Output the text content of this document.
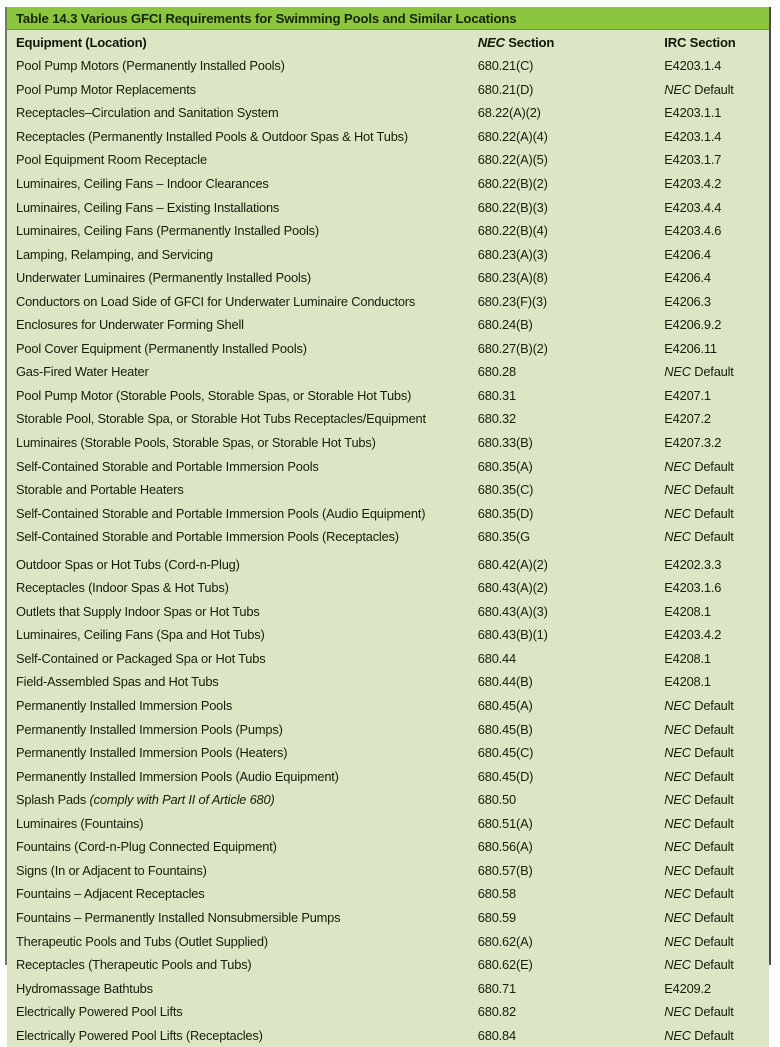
Table 14.3 Various GFCI Requirements for Swimming Pools and Similar Locations
Equipment (Location)	NEC Section	IRC Section
Pool Pump Motors (Permanently Installed Pools)	680.21(C)	E4203.1.4
Pool Pump Motor Replacements	680.21(D)	NEC Default
Receptacles–Circulation and Sanitation System	68.22(A)(2)	E4203.1.1
Receptacles (Permanently Installed Pools & Outdoor Spas & Hot Tubs)	680.22(A)(4)	E4203.1.4
Pool Equipment Room Receptacle	680.22(A)(5)	E4203.1.7
Luminaires, Ceiling Fans – Indoor Clearances	680.22(B)(2)	E4203.4.2
Luminaires, Ceiling Fans – Existing Installations	680.22(B)(3)	E4203.4.4
Luminaires, Ceiling Fans (Permanently Installed Pools)	680.22(B)(4)	E4203.4.6
Lamping, Relamping, and Servicing	680.23(A)(3)	E4206.4
Underwater Luminaires (Permanently Installed Pools)	680.23(A)(8)	E4206.4
Conductors on Load Side of GFCI for Underwater Luminaire Conductors	680.23(F)(3)	E4206.3
Enclosures for Underwater Forming Shell	680.24(B)	E4206.9.2
Pool Cover Equipment (Permanently Installed Pools)	680.27(B)(2)	E4206.11
Gas-Fired Water Heater	680.28	NEC Default
Pool Pump Motor (Storable Pools, Storable Spas, or Storable Hot Tubs)	680.31	E4207.1
Storable Pool, Storable Spa, or Storable Hot Tubs Receptacles/Equipment	680.32	E4207.2
Luminaires (Storable Pools, Storable Spas, or Storable Hot Tubs)	680.33(B)	E4207.3.2
Self-Contained Storable and Portable Immersion Pools	680.35(A)	NEC Default
Storable and Portable Heaters	680.35(C)	NEC Default
Self-Contained Storable and Portable Immersion Pools (Audio Equipment)	680.35(D)	NEC Default
Self-Contained Storable and Portable Immersion Pools (Receptacles)	680.35(G	NEC Default
Outdoor Spas or Hot Tubs (Cord-n-Plug)	680.42(A)(2)	E4202.3.3
Receptacles (Indoor Spas & Hot Tubs)	680.43(A)(2)	E4203.1.6
Outlets that Supply Indoor Spas or Hot Tubs	680.43(A)(3)	E4208.1
Luminaires, Ceiling Fans (Spa and Hot Tubs)	680.43(B)(1)	E4203.4.2
Self-Contained or Packaged Spa or Hot Tubs	680.44	E4208.1
Field-Assembled Spas and Hot Tubs	680.44(B)	E4208.1
Permanently Installed Immersion Pools	680.45(A)	NEC Default
Permanently Installed Immersion Pools (Pumps)	680.45(B)	NEC Default
Permanently Installed Immersion Pools (Heaters)	680.45(C)	NEC Default
Permanently Installed Immersion Pools (Audio Equipment)	680.45(D)	NEC Default
Splash Pads (comply with Part II of Article 680)	680.50	NEC Default
Luminaires (Fountains)	680.51(A)	NEC Default
Fountains (Cord-n-Plug Connected Equipment)	680.56(A)	NEC Default
Signs (In or Adjacent to Fountains)	680.57(B)	NEC Default
Fountains – Adjacent Receptacles	680.58	NEC Default
Fountains – Permanently Installed Nonsubmersible Pumps	680.59	NEC Default
Therapeutic Pools and Tubs (Outlet Supplied)	680.62(A)	NEC Default
Receptacles (Therapeutic Pools and Tubs)	680.62(E)	NEC Default
Hydromassage Bathtubs	680.71	E4209.2
Electrically Powered Pool Lifts	680.82	NEC Default
Electrically Powered Pool Lifts (Receptacles)	680.84	NEC Default
